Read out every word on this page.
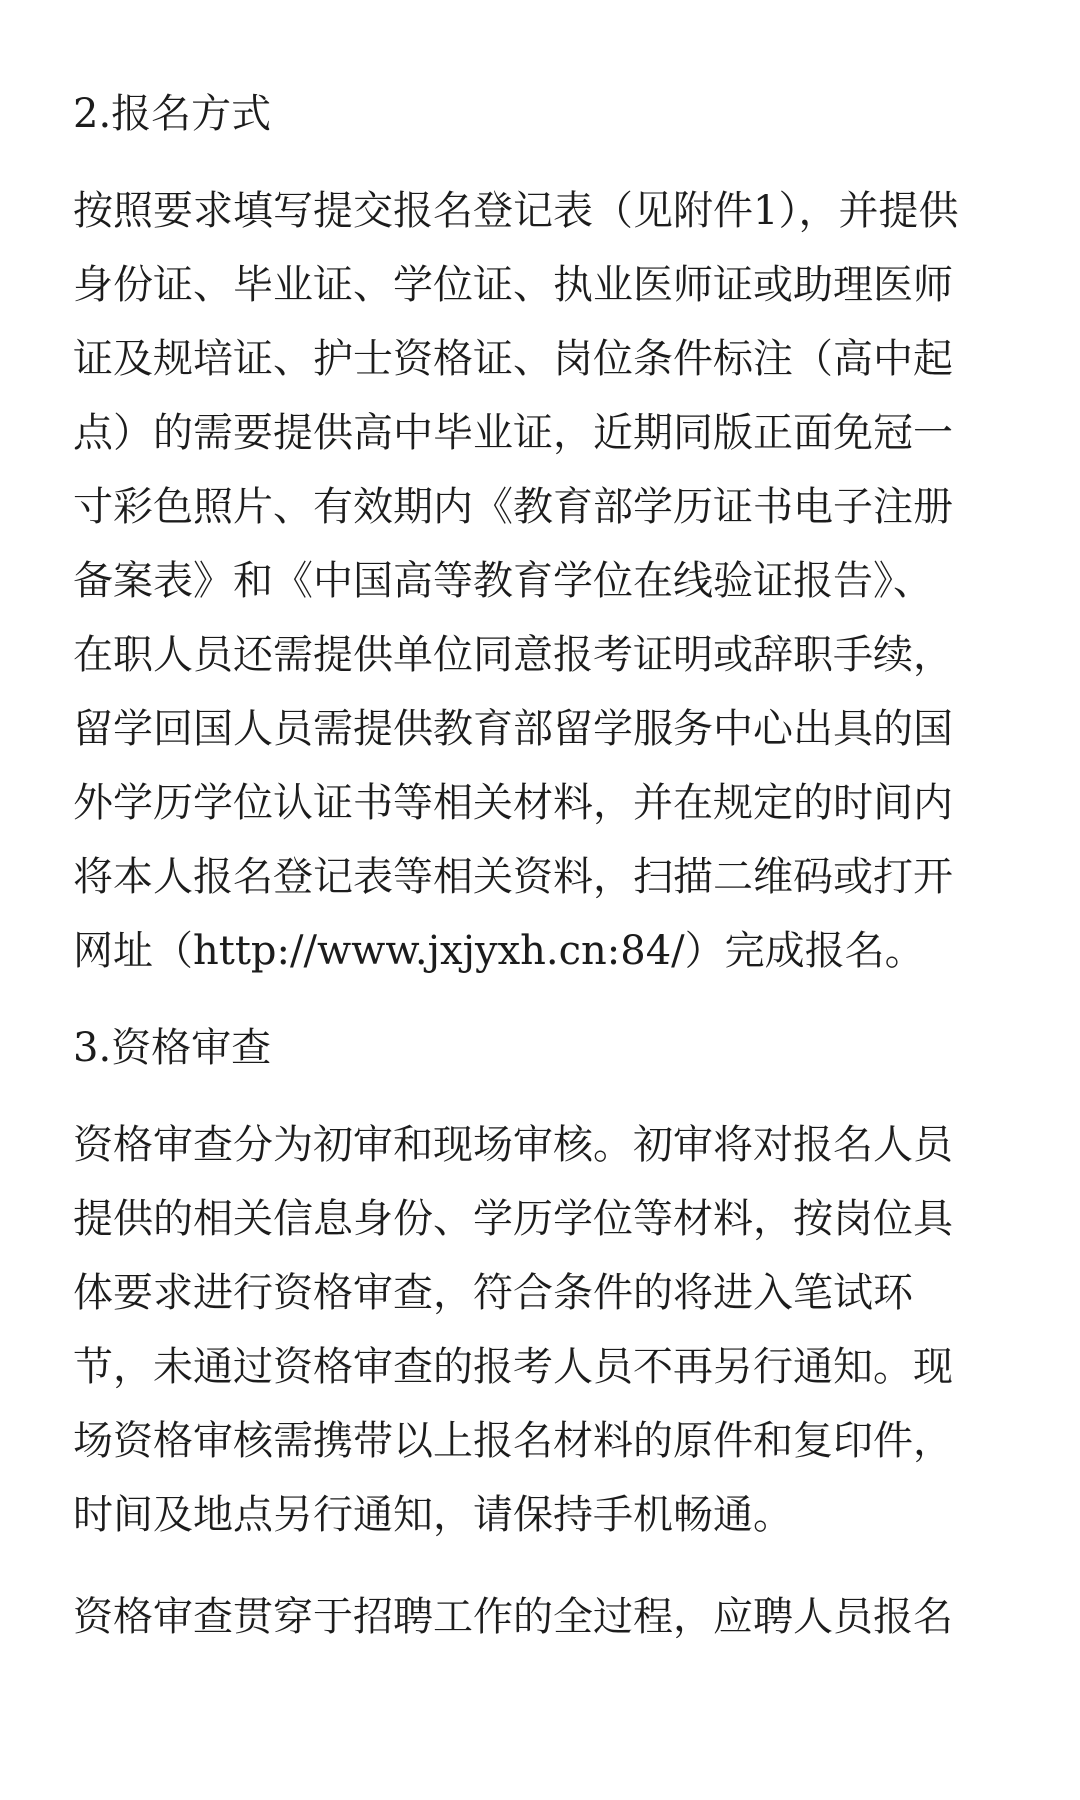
2.报名方式
按照要求填写提交报名登记表（见附件1），并提供
身份证、毕业证、学位证、执业医师证或助理医师
证及规培证、护士资格证、岗位条件标注（高中起
点）的需要提供高中毕业证，近期同版正面免冠一
寸彩色照片、有效期内《教育部学历证书电子注册
备案表》和《中国高等教育学位在线验证报告》、
在职人员还需提供单位同意报考证明或辞职手续，
留学回国人员需提供教育部留学服务中心出具的国
外学历学位认证书等相关材料，并在规定的时间内
将本人报名登记表等相关资料，扫描二维码或打开
网址（http://www.jxjyxh.cn:84/）完成报名。
3.资格审查
资格审查分为初审和现场审核。初审将对报名人员
提供的相关信息身份、学历学位等材料，按岗位具
体要求进行资格审查，符合条件的将进入笔试环
节，未通过资格审查的报考人员不再另行通知。现
场资格审核需携带以上报名材料的原件和复印件，
时间及地点另行通知，请保持手机畅通。
资格审查贯穿于招聘工作的全过程，应聘人员报名
